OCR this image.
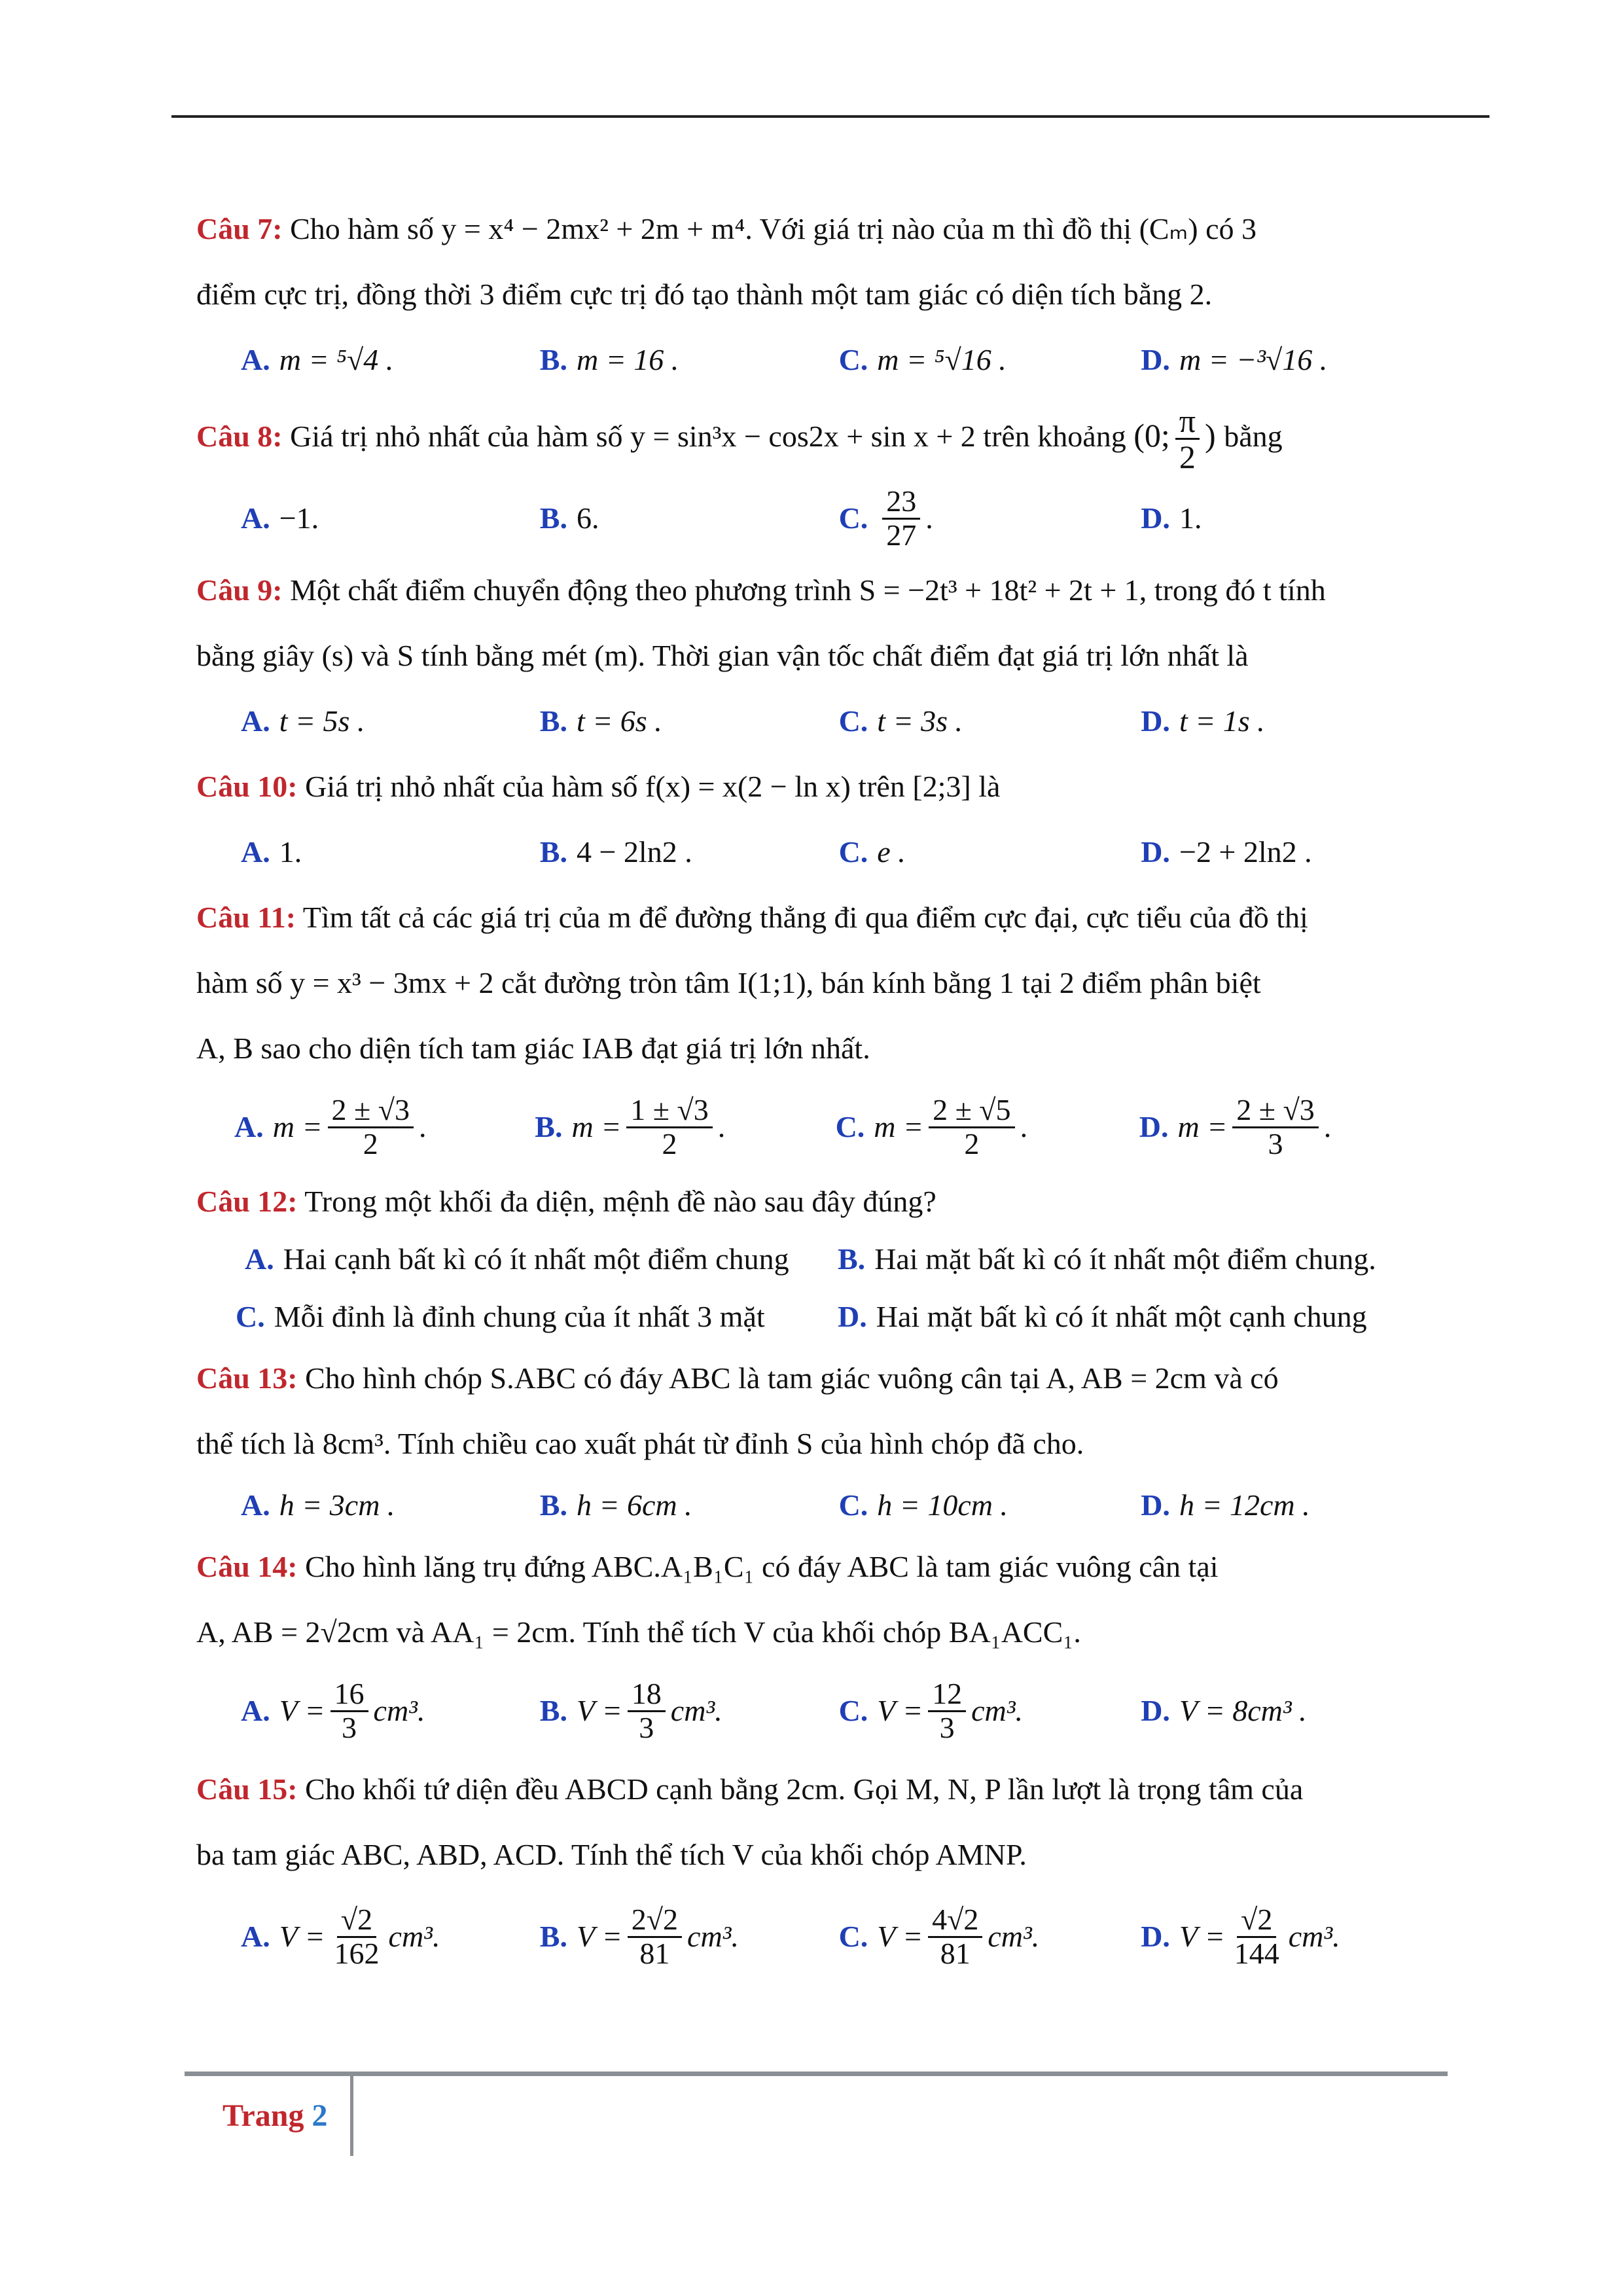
Câu 7: Cho hàm số y = x⁴ − 2mx² + 2m + m⁴. Với giá trị nào của m thì đồ thị (Cₘ) có 3
điểm cực trị, đồng thời 3 điểm cực trị đó tạo thành một tam giác có diện tích bằng 2.
A. m = ⁵√4 .	B. m = 16 .	C. m = ⁵√16 .	D. m = −³√16 .
Câu 8: Giá trị nhỏ nhất của hàm số y = sin³x − cos2x + sin x + 2 trên khoảng (0; $\frac{\pi}{2}$ ) bằng
A. −1.	B. 6.	C. $\frac{23}{27}$ .	D. 1.
Câu 9: Một chất điểm chuyển động theo phương trình S = −2t³ + 18t² + 2t + 1, trong đó t tính
bằng giây (s) và S tính bằng mét (m). Thời gian vận tốc chất điểm đạt giá trị lớn nhất là
A. t = 5s .	B. t = 6s .	C. t = 3s .	D. t = 1s .
Câu 10: Giá trị nhỏ nhất của hàm số f(x) = x(2 − ln x) trên [2;3] là
A. 1.	B. 4 − 2ln2 .	C. e .	D. −2 + 2ln2 .
Câu 11: Tìm tất cả các giá trị của m để đường thẳng đi qua điểm cực đại, cực tiểu của đồ thị
hàm số y = x³ − 3mx + 2 cắt đường tròn tâm I(1;1), bán kính bằng 1 tại 2 điểm phân biệt
A, B sao cho diện tích tam giác IAB đạt giá trị lớn nhất.
A. $m = \frac{2 \pm √3}{2}$ .	B. $m = \frac{1 \pm √3}{2}$ .	C. $m = \frac{2 \pm √5}{2}$ .	D. $m = \frac{2 \pm √3}{3}$ .
Câu 12: Trong một khối đa diện, mệnh đề nào sau đây đúng?
A. Hai cạnh bất kì có ít nhất một điểm chung B. Hai mặt bất kì có ít nhất một điểm chung.
C. Mỗi đỉnh là đỉnh chung của ít nhất 3 mặt D. Hai mặt bất kì có ít nhất một cạnh chung
Câu 13: Cho hình chóp S.ABC có đáy ABC là tam giác vuông cân tại A, AB = 2cm và có
thể tích là 8cm³. Tính chiều cao xuất phát từ đỉnh S của hình chóp đã cho.
A. h = 3cm .	B. h = 6cm .	C. h = 10cm .	D. h = 12cm .
Câu 14: Cho hình lăng trụ đứng ABC.A₁B₁C₁ có đáy ABC là tam giác vuông cân tại
A, AB = 2√2cm và AA₁ = 2cm. Tính thể tích V của khối chóp BA₁ACC₁.
A. $V = \frac{16}{3} cm^3$.	B. $V = \frac{18}{3} cm^3$.	C. $V = \frac{12}{3} cm^3$.	D. V = 8cm³ .
Câu 15: Cho khối tứ diện đều ABCD cạnh bằng 2cm. Gọi M, N, P lần lượt là trọng tâm của
ba tam giác ABC, ABD, ACD. Tính thể tích V của khối chóp AMNP.
A. $V = \frac{√2}{162} cm^3$.	B. $V = \frac{2√2}{81} cm^3$.	C. $V = \frac{4√2}{81} cm^3$.	D. $V = \frac{√2}{144} cm^3$.
Trang 2
